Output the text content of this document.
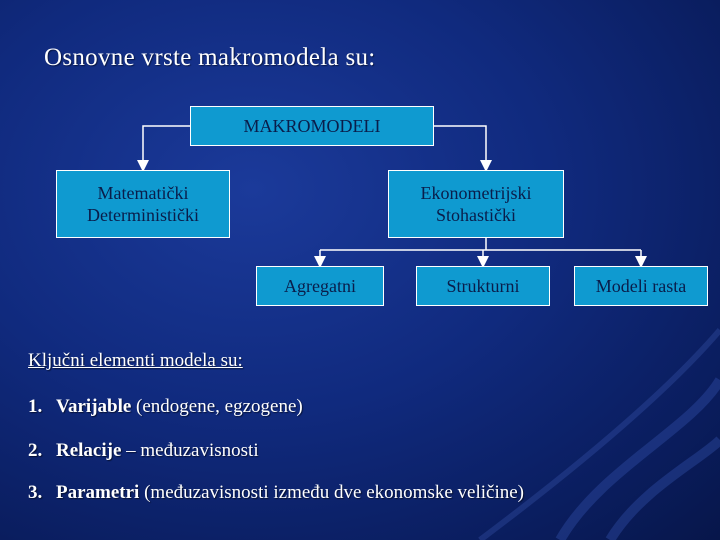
Osnovne vrste makromodela su:
MAKROMODELI
Matematički
Deterministički
Ekonometrijski
Stohastički
Agregatni	Strukturni	Modeli rasta
Ključni elementi modela su:
1. Varijable (endogene, egzogene)
2. Relacije – međuzavisnosti
3. Parametri (međuzavisnosti između dve ekonomske veličine)
